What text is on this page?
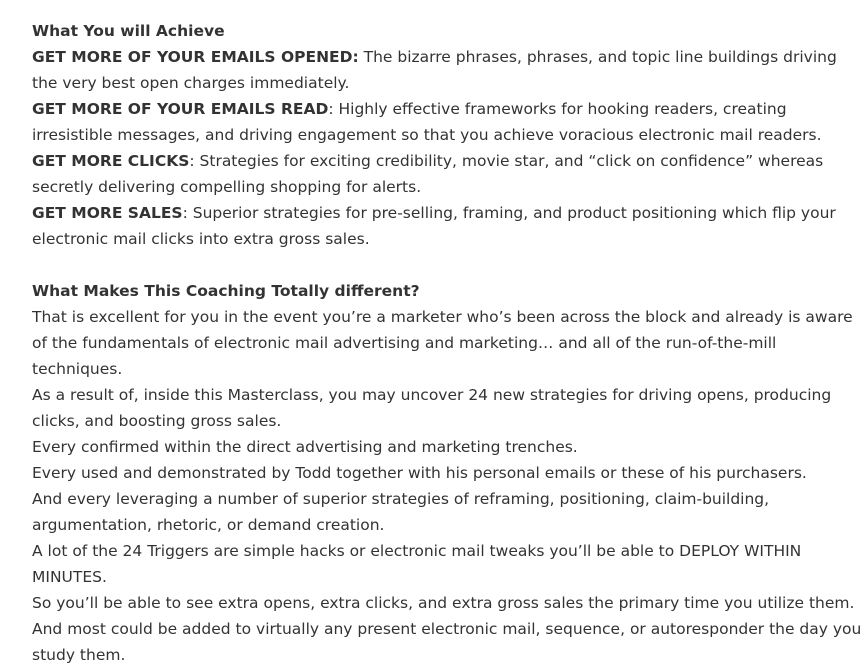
What You will Achieve

GET MORE OF YOUR EMAILS OPENED: The bizarre phrases, phrases, and topic line buildings driving the very best open charges immediately.

GET MORE OF YOUR EMAILS READ: Highly effective frameworks for hooking readers, creating irresistible messages, and driving engagement so that you achieve voracious electronic mail readers.

GET MORE CLICKS: Strategies for exciting credibility, movie star, and “click on confidence” whereas secretly delivering compelling shopping for alerts.

GET MORE SALES: Superior strategies for pre-selling, framing, and product positioning which flip your electronic mail clicks into extra gross sales.

What Makes This Coaching Totally different?

That is excellent for you in the event you’re a marketer who’s been across the block and already is aware of the fundamentals of electronic mail advertising and marketing… and all of the run-of-the-mill techniques.

As a result of, inside this Masterclass, you may uncover 24 new strategies for driving opens, producing clicks, and boosting gross sales.

Every confirmed within the direct advertising and marketing trenches.

Every used and demonstrated by Todd together with his personal emails or these of his purchasers.

And every leveraging a number of superior strategies of reframing, positioning, claim-building, argumentation, rhetoric, or demand creation.

A lot of the 24 Triggers are simple hacks or electronic mail tweaks you’ll be able to DEPLOY WITHIN MINUTES.

So you’ll be able to see extra opens, extra clicks, and extra gross sales the primary time you utilize them.

And most could be added to virtually any present electronic mail, sequence, or autoresponder the day you study them.
